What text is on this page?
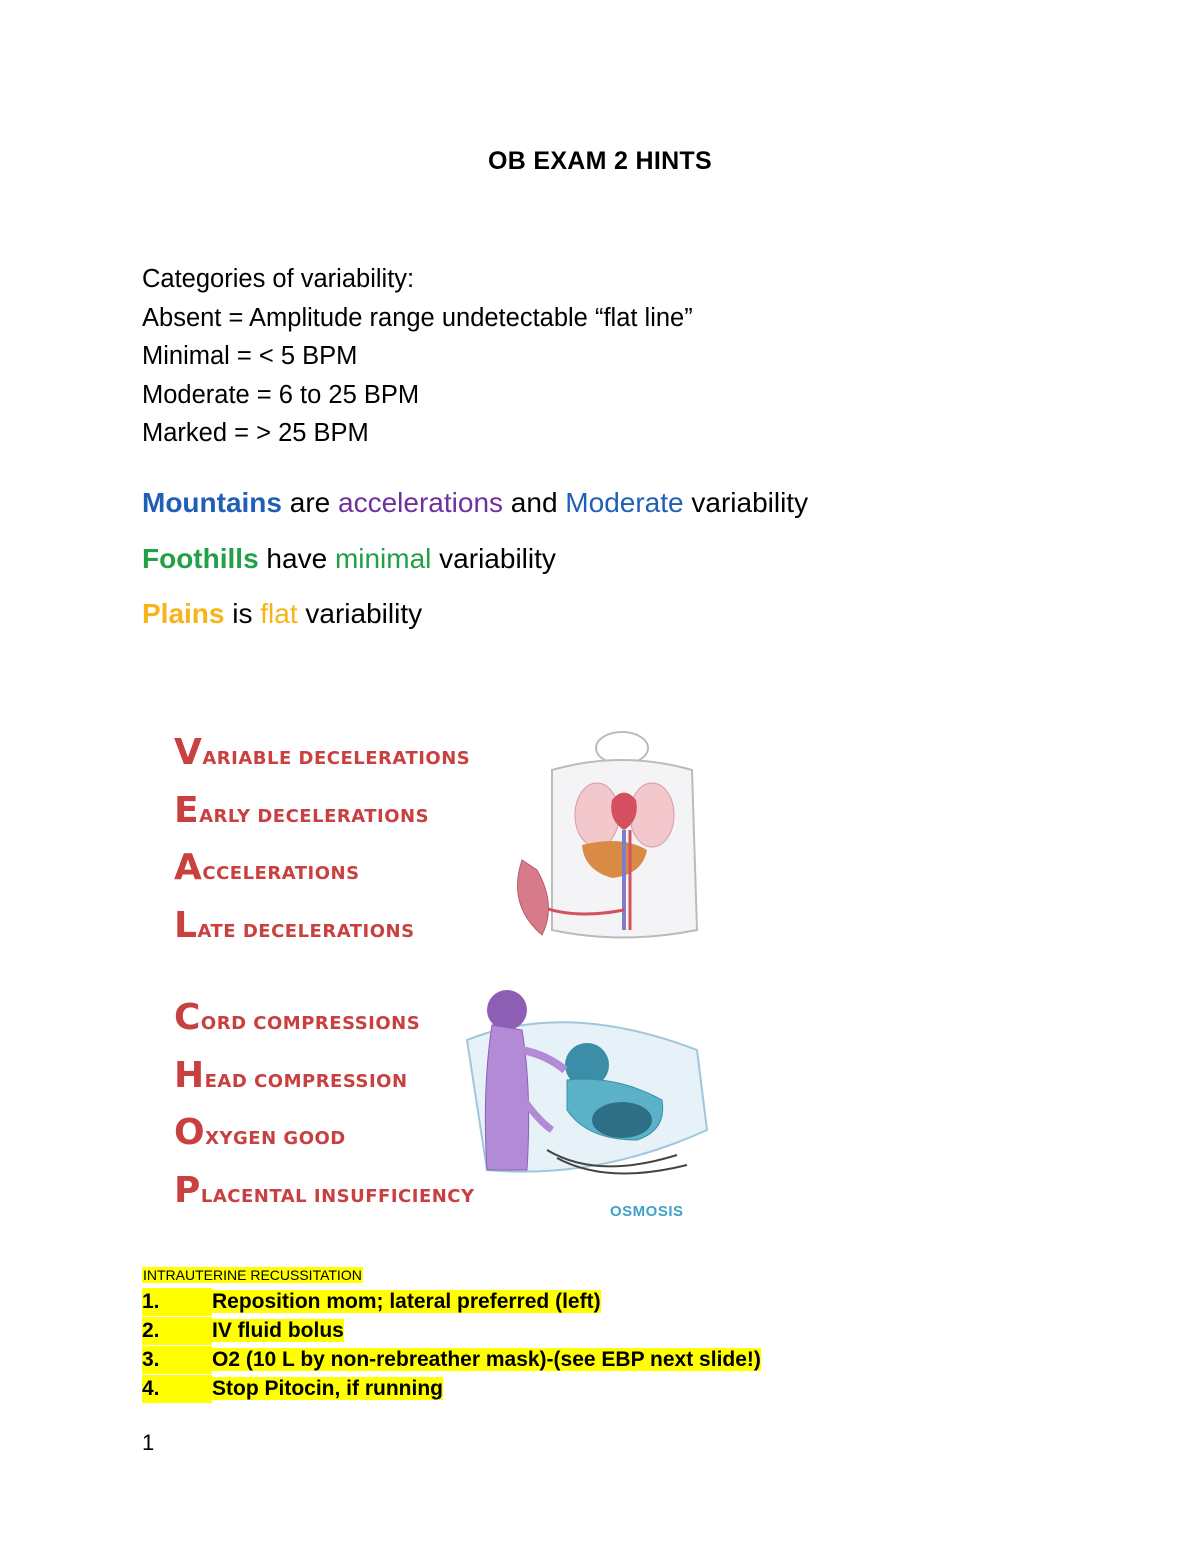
OB EXAM 2 HINTS
Categories of variability:
Absent = Amplitude range undetectable “flat line”
Minimal = < 5 BPM
Moderate = 6 to 25 BPM
Marked = > 25 BPM
Mountains are accelerations and Moderate variability
Foothills have minimal variability
Plains is flat variability
Variable decelerations
Early decelerations
Accelerations
Late decelerations
Cord compressions
Head compression
Oxygen good
Placental insufficiency
OSMOSIS
INTRAUTERINE RECUSSITATION
1. Reposition mom; lateral preferred (left)
2. IV fluid bolus
3. O2 (10 L by non-rebreather mask)-(see EBP next slide!)
4. Stop Pitocin, if running
1
